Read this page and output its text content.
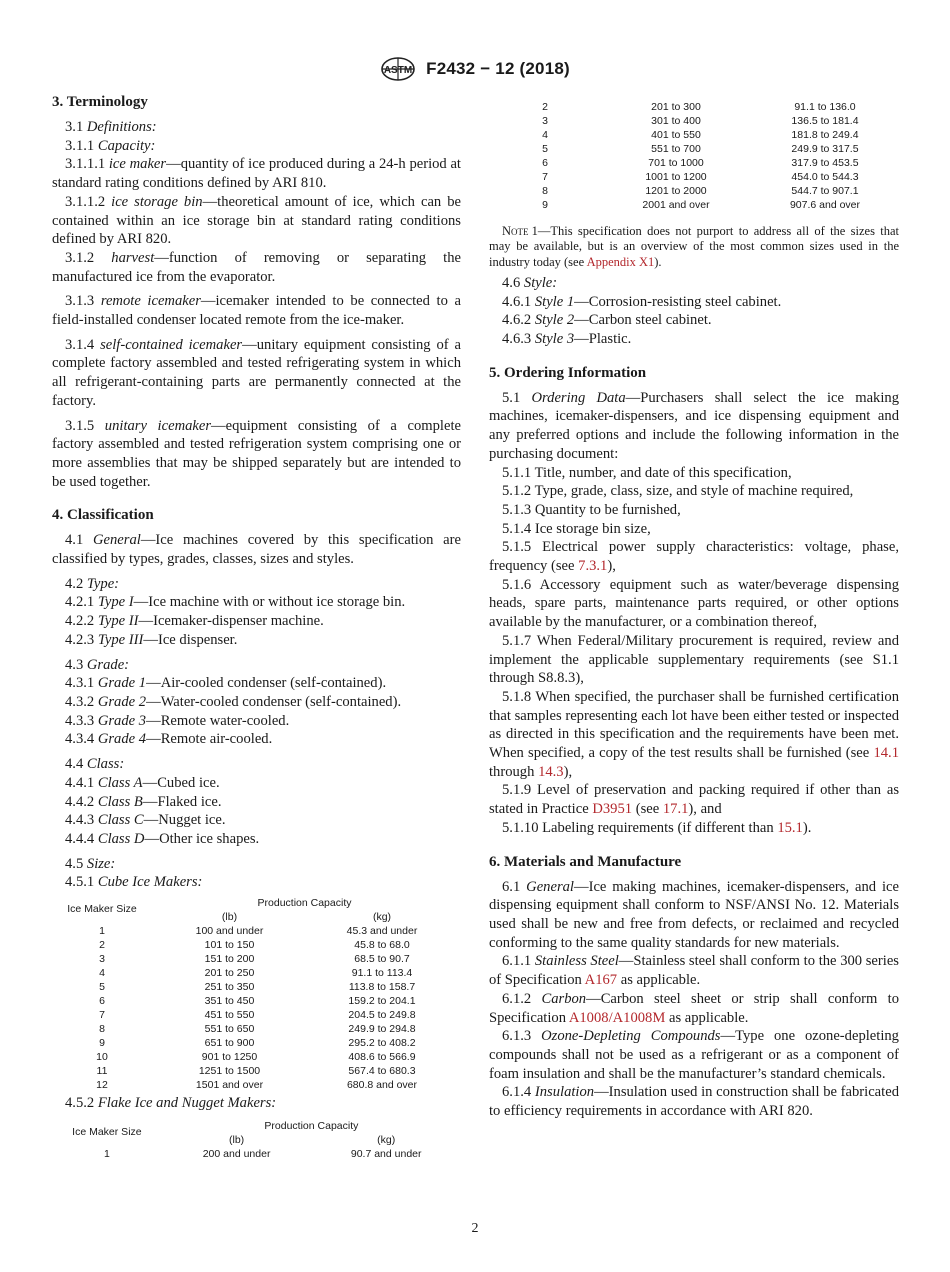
ASTM F2432 − 12 (2018)
3. Terminology

3.1 Definitions:

3.1.1 Capacity:

3.1.1.1 ice maker—quantity of ice produced during a 24-h period at standard rating conditions defined by ARI 810.

3.1.1.2 ice storage bin—theoretical amount of ice, which can be contained within an ice storage bin at standard rating conditions defined by ARI 820.

3.1.2 harvest—function of removing or separating the manufactured ice from the evaporator.

3.1.3 remote icemaker—icemaker intended to be connected to a field-installed condenser located remote from the ice-maker.

3.1.4 self-contained icemaker—unitary equipment consisting of a complete factory assembled and tested refrigerating system in which all refrigerant-containing parts are permanently connected at the factory.

3.1.5 unitary icemaker—equipment consisting of a complete factory assembled and tested refrigeration system comprising one or more assemblies that may be shipped separately but are intended to be used together.

4. Classification

4.1 General—Ice machines covered by this specification are classified by types, grades, classes, sizes and styles.

4.2 Type:

4.2.1 Type I—Ice machine with or without ice storage bin.

4.2.2 Type II—Icemaker-dispenser machine.

4.2.3 Type III—Ice dispenser.

4.3 Grade:

4.3.1 Grade 1—Air-cooled condenser (self-contained).

4.3.2 Grade 2—Water-cooled condenser (self-contained).

4.3.3 Grade 3—Remote water-cooled.

4.3.4 Grade 4—Remote air-cooled.

4.4 Class:

4.4.1 Class A—Cubed ice.

4.4.2 Class B—Flaked ice.

4.4.3 Class C—Nugget ice.

4.4.4 Class D—Other ice shapes.

4.5 Size:

4.5.1 Cube Ice Makers:

Ice Maker Size	Production Capacity	
	(lb)	(kg)
1	100 and under	45.3 and under
2	101 to 150	45.8 to 68.0
3	151 to 200	68.5 to 90.7
4	201 to 250	91.1 to 113.4
5	251 to 350	113.8 to 158.7
6	351 to 450	159.2 to 204.1
7	451 to 550	204.5 to 249.8
8	551 to 650	249.9 to 294.8
9	651 to 900	295.2 to 408.2
10	901 to 1250	408.6 to 566.9
11	1251 to 1500	567.4 to 680.3
12	1501 and over	680.8 and over

4.5.2 Flake Ice and Nugget Makers:

Ice Maker Size	Production Capacity	
	(lb)	(kg)
1	200 and under	90.7 and under
2	201 to 300	91.1 to 136.0
3	301 to 400	136.5 to 181.4
4	401 to 550	181.8 to 249.4
5	551 to 700	249.9 to 317.5
6	701 to 1000	317.9 to 453.5
7	1001 to 1200	454.0 to 544.3
8	1201 to 2000	544.7 to 907.1
9	2001 and over	907.6 and over

Note 1—This specification does not purport to address all of the sizes that may be available, but is an overview of the most common sizes used in the industry today (see Appendix X1).

4.6 Style:

4.6.1 Style 1—Corrosion-resisting steel cabinet.

4.6.2 Style 2—Carbon steel cabinet.

4.6.3 Style 3—Plastic.

5. Ordering Information

5.1 Ordering Data—Purchasers shall select the ice making machines, icemaker-dispensers, and ice dispensing equipment and any preferred options and include the following information in the purchasing document:

5.1.1 Title, number, and date of this specification,

5.1.2 Type, grade, class, size, and style of machine required,

5.1.3 Quantity to be furnished,

5.1.4 Ice storage bin size,

5.1.5 Electrical power supply characteristics: voltage, phase, frequency (see 7.3.1),

5.1.6 Accessory equipment such as water/beverage dispensing heads, spare parts, maintenance parts required, or other options available by the manufacturer, or a combination thereof,

5.1.7 When Federal/Military procurement is required, review and implement the applicable supplementary requirements (see S1.1 through S8.8.3),

5.1.8 When specified, the purchaser shall be furnished certification that samples representing each lot have been either tested or inspected as directed in this specification and the requirements have been met. When specified, a copy of the test results shall be furnished (see 14.1 through 14.3),

5.1.9 Level of preservation and packing required if other than as stated in Practice D3951 (see 17.1), and

5.1.10 Labeling requirements (if different than 15.1).

6. Materials and Manufacture

6.1 General—Ice making machines, icemaker-dispensers, and ice dispensing equipment shall conform to NSF/ANSI No. 12. Materials used shall be new and free from defects, or reclaimed and recycled conforming to the same quality standards for new materials.

6.1.1 Stainless Steel—Stainless steel shall conform to the 300 series of Specification A167 as applicable.

6.1.2 Carbon—Carbon steel sheet or strip shall conform to Specification A1008/A1008M as applicable.

6.1.3 Ozone-Depleting Compounds—Type one ozone-depleting compounds shall not be used as a refrigerant or as a component of foam insulation and shall be the manufacturer’s standard chemicals.

6.1.4 Insulation—Insulation used in construction shall be fabricated to efficiency requirements in accordance with ARI 820.

2
